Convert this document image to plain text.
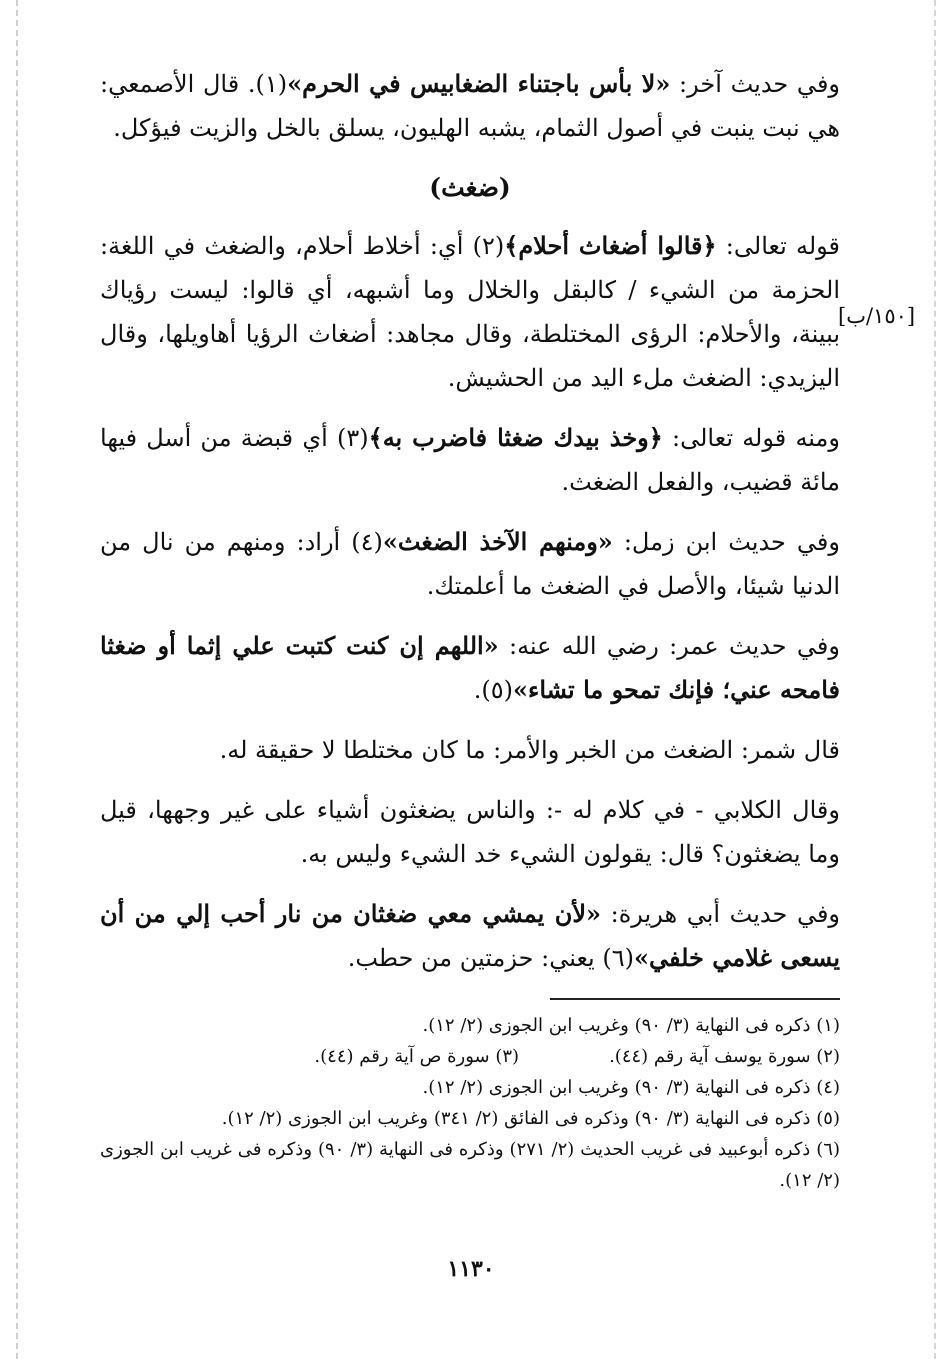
[١٥٠/ب]

وفي حديث آخر: «لا بأس باجتناء الضغابيس في الحرم»(١). قال الأصمعي: هي نبت ينبت في أصول الثمام، يشبه الهليون، يسلق بالخل والزيت فيؤكل.

(ضغث)

قوله تعالى: ﴿قالوا أضغاث أحلام﴾(٢) أي: أخلاط أحلام، والضغث في اللغة: الحزمة من الشيء / كالبقل والخلال وما أشبهه، أي قالوا: ليست رؤياك ببينة، والأحلام: الرؤى المختلطة، وقال مجاهد: أضغاث الرؤيا أهاويلها، وقال اليزيدي: الضغث ملء اليد من الحشيش.

ومنه قوله تعالى: ﴿وخذ بيدك ضغثا فاضرب به﴾(٣) أي قبضة من أسل فيها مائة قضيب، والفعل الضغث.

وفي حديث ابن زمل: «ومنهم الآخذ الضغث»(٤) أراد: ومنهم من نال من الدنيا شيئا، والأصل في الضغث ما أعلمتك.

وفي حديث عمر: رضي الله عنه: «اللهم إن كنت كتبت علي إثما أو ضغثا فامحه عني؛ فإنك تمحو ما تشاء»(٥).

قال شمر: الضغث من الخبر والأمر: ما كان مختلطا لا حقيقة له.

وقال الكلابي - في كلام له -: والناس يضغثون أشياء على غير وجهها، قيل وما يضغثون؟ قال: يقولون الشيء خد الشيء وليس به.

وفي حديث أبي هريرة: «لأن يمشي معي ضغثان من نار أحب إلي من أن يسعى غلامي خلفي»(٦) يعني: حزمتين من حطب.

(١) ذكره فى النهاية (٣/ ٩٠) وغريب ابن الجوزى (٢/ ١٢).

(٢) سورة يوسف آية رقم (٤٤).

(٣) سورة ص آية رقم (٤٤).

(٤) ذكره فى النهاية (٣/ ٩٠) وغريب ابن الجوزى (٢/ ١٢).

(٥) ذكره فى النهاية (٣/ ٩٠) وذكره فى الفائق (٢/ ٣٤١) وغريب ابن الجوزى (٢/ ١٢).

(٦) ذكره أبوعبيد فى غريب الحديث (٢/ ٢٧١) وذكره فى النهاية (٣/ ٩٠) وذكره فى غريب ابن الجوزى (٢/ ١٢).

١١٣٠
